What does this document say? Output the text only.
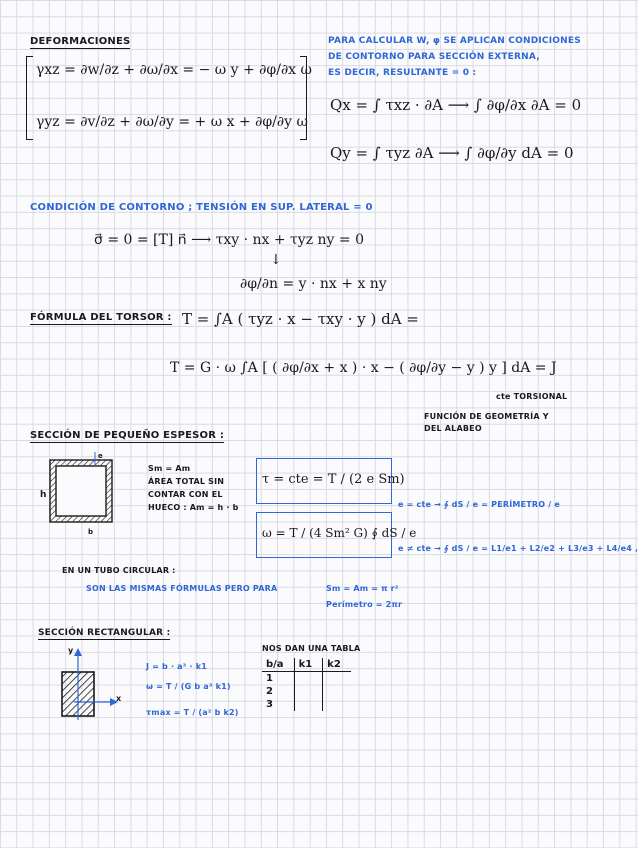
DEFORMACIONES
γxz = ∂w/∂z + ∂ω/∂x = − ω y + ∂φ/∂x ω
γyz = ∂v/∂z + ∂ω/∂y = + ω x + ∂φ/∂y ω
PARA CALCULAR W, φ SE APLICAN CONDICIONES
DE CONTORNO PARA SECCIÓN EXTERNA,
ES DECIR, RESULTANTE = 0 :
Qx = ∫ τxz · ∂A ⟶ ∫ ∂φ/∂x ∂A = 0
Qy = ∫ τyz ∂A ⟶ ∫ ∂φ/∂y dA = 0
CONDICIÓN DE CONTORNO ; TENSIÓN EN SUP. LATERAL = 0
σ⃗ = 0 = [T] n⃗ ⟶ τxy · nx + τyz ny = 0
↓
∂φ/∂n = y · nx + x ny
FÓRMULA DEL TORSOR : T = ∫A ( τyz · x − τxy · y ) dA =
T = G · ω ∫A [ ( ∂φ/∂x + x ) · x − ( ∂φ/∂y − y ) y ] dA = J
cte TORSIONAL
FUNCIÓN DE GEOMETRÍA Y
DEL ALABEO
SECCIÓN DE PEQUEÑO ESPESOR :
e
h
b
Sm = Am
ÁREA TOTAL SIN
CONTAR CON EL
HUECO : Am = h · b
τ = cte = T / (2 e Sm)
ω = T / (4 Sm² G) ∮ dS / e
e = cte → ∮ dS / e = PERÍMETRO / e
e ≠ cte → ∮ dS / e = L1/e1 + L2/e2 + L3/e3 + L4/e4 ,
EN UN TUBO CIRCULAR :
SON LAS MISMAS FÓRMULAS PERO PARA	Sm = Am = π r²
Perímetro = 2πr
SECCIÓN RECTANGULAR :
y
x
J = b · a³ · k1
ω = T / (G b a³ k1)
τmax = T / (a² b k2)
NOS DAN UNA TABLA
b/a	k1	k2
1		
2		
3		
